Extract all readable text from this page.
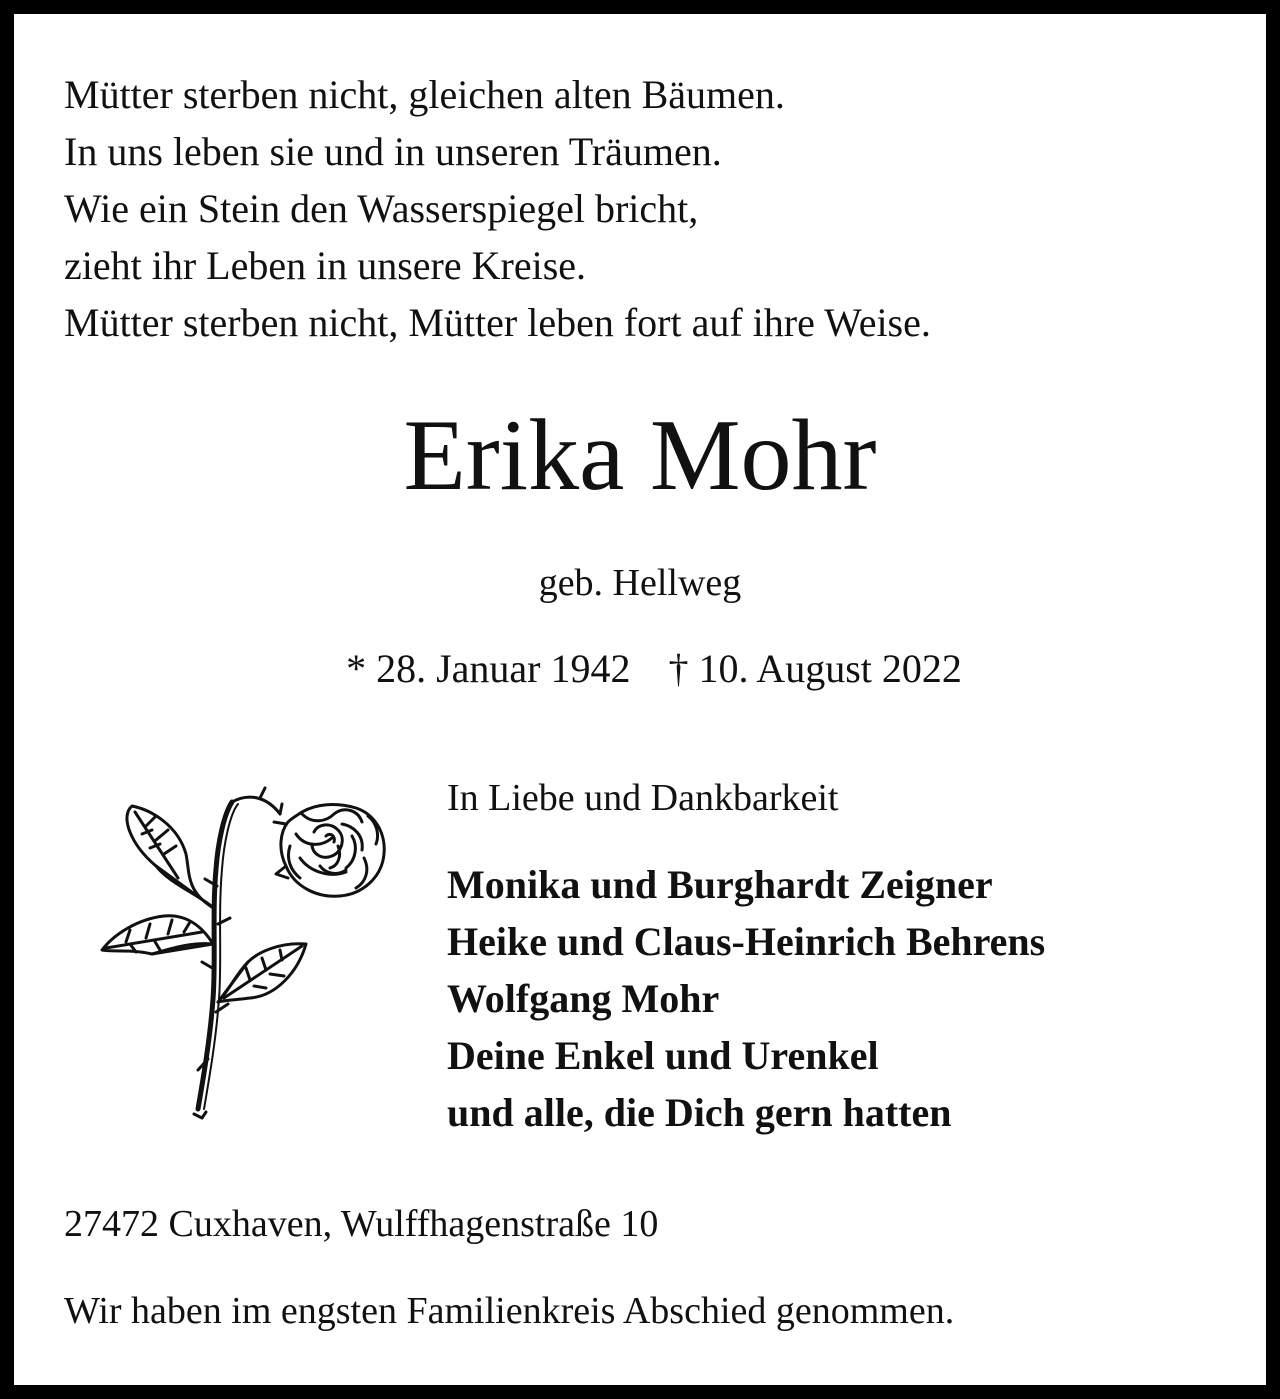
Mütter sterben nicht, gleichen alten Bäumen.
In uns leben sie und in unseren Träumen.
Wie ein Stein den Wasserspiegel bricht,
zieht ihr Leben in unsere Kreise.
Mütter sterben nicht, Mütter leben fort auf ihre Weise.
Erika Mohr
geb. Hellweg
* 28. Januar 1942 † 10. August 2022
In Liebe und Dankbarkeit
Monika und Burghardt Zeigner
Heike und Claus-Heinrich Behrens
Wolfgang Mohr
Deine Enkel und Urenkel
und alle, die Dich gern hatten
27472 Cuxhaven, Wulffhagenstraße 10
Wir haben im engsten Familienkreis Abschied genommen.
